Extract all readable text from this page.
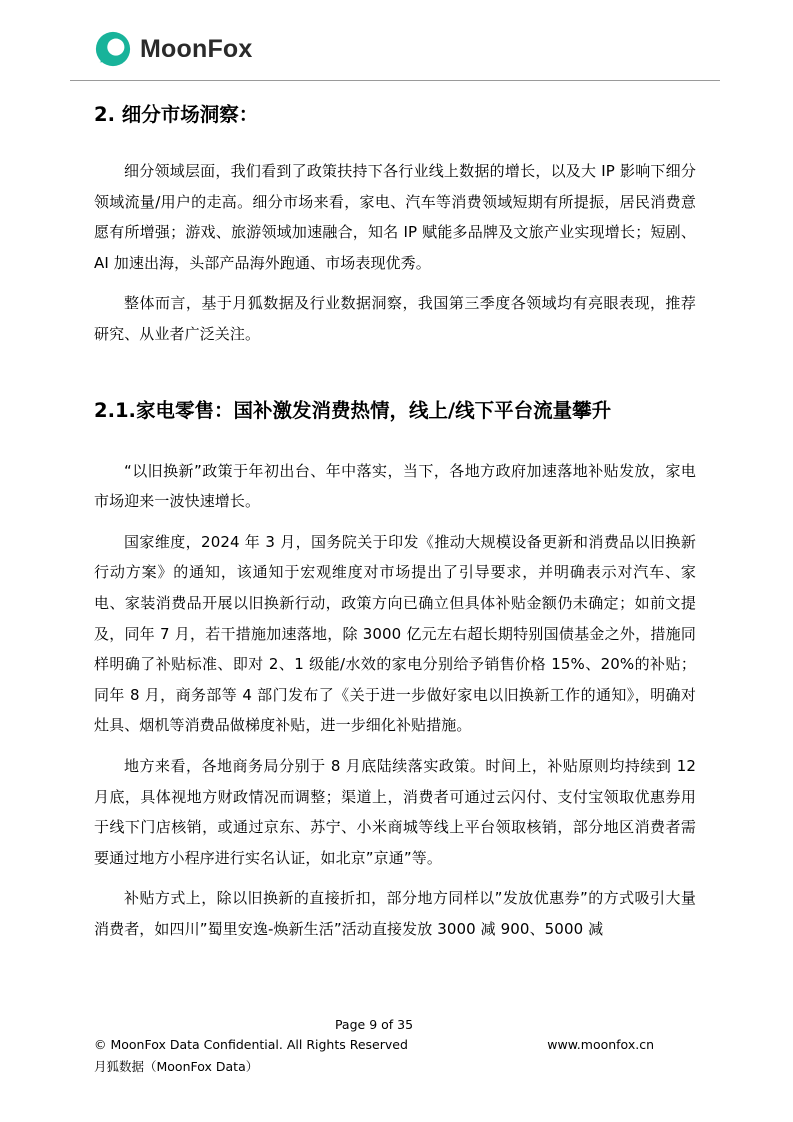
MoonFox
2. 细分市场洞察：

细分领域层面，我们看到了政策扶持下各行业线上数据的增长，以及大 IP 影响下细分领域流量/用户的走高。细分市场来看，家电、汽车等消费领域短期有所提振，居民消费意愿有所增强；游戏、旅游领域加速融合，知名 IP 赋能多品牌及文旅产业实现增长；短剧、AI 加速出海，头部产品海外跑通、市场表现优秀。

整体而言，基于月狐数据及行业数据洞察，我国第三季度各领域均有亮眼表现，推荐研究、从业者广泛关注。

2.1.家电零售：国补激发消费热情，线上/线下平台流量攀升

“以旧换新”政策于年初出台、年中落实，当下，各地方政府加速落地补贴发放，家电市场迎来一波快速增长。

国家维度，2024 年 3 月，国务院关于印发《推动大规模设备更新和消费品以旧换新行动方案》的通知，该通知于宏观维度对市场提出了引导要求，并明确表示对汽车、家电、家装消费品开展以旧换新行动，政策方向已确立但具体补贴金额仍未确定；如前文提及，同年 7 月，若干措施加速落地，除 3000 亿元左右超长期特别国债基金之外，措施同样明确了补贴标准、即对 2、1 级能/水效的家电分别给予销售价格 15%、20%的补贴；同年 8 月，商务部等 4 部门发布了《关于进一步做好家电以旧换新工作的通知》，明确对灶具、烟机等消费品做梯度补贴，进一步细化补贴措施。

地方来看，各地商务局分别于 8 月底陆续落实政策。时间上，补贴原则均持续到 12 月底，具体视地方财政情况而调整；渠道上，消费者可通过云闪付、支付宝领取优惠券用于线下门店核销，或通过京东、苏宁、小米商城等线上平台领取核销，部分地区消费者需要通过地方小程序进行实名认证，如北京”京通”等。

补贴方式上，除以旧换新的直接折扣，部分地方同样以”发放优惠券”的方式吸引大量消费者，如四川”蜀里安逸-焕新生活”活动直接发放 3000 减 900、5000 减

Page 9 of 35
© MoonFox Data Confidential. All Rights Reserved	www.moonfox.cn
月狐数据（MoonFox Data）
